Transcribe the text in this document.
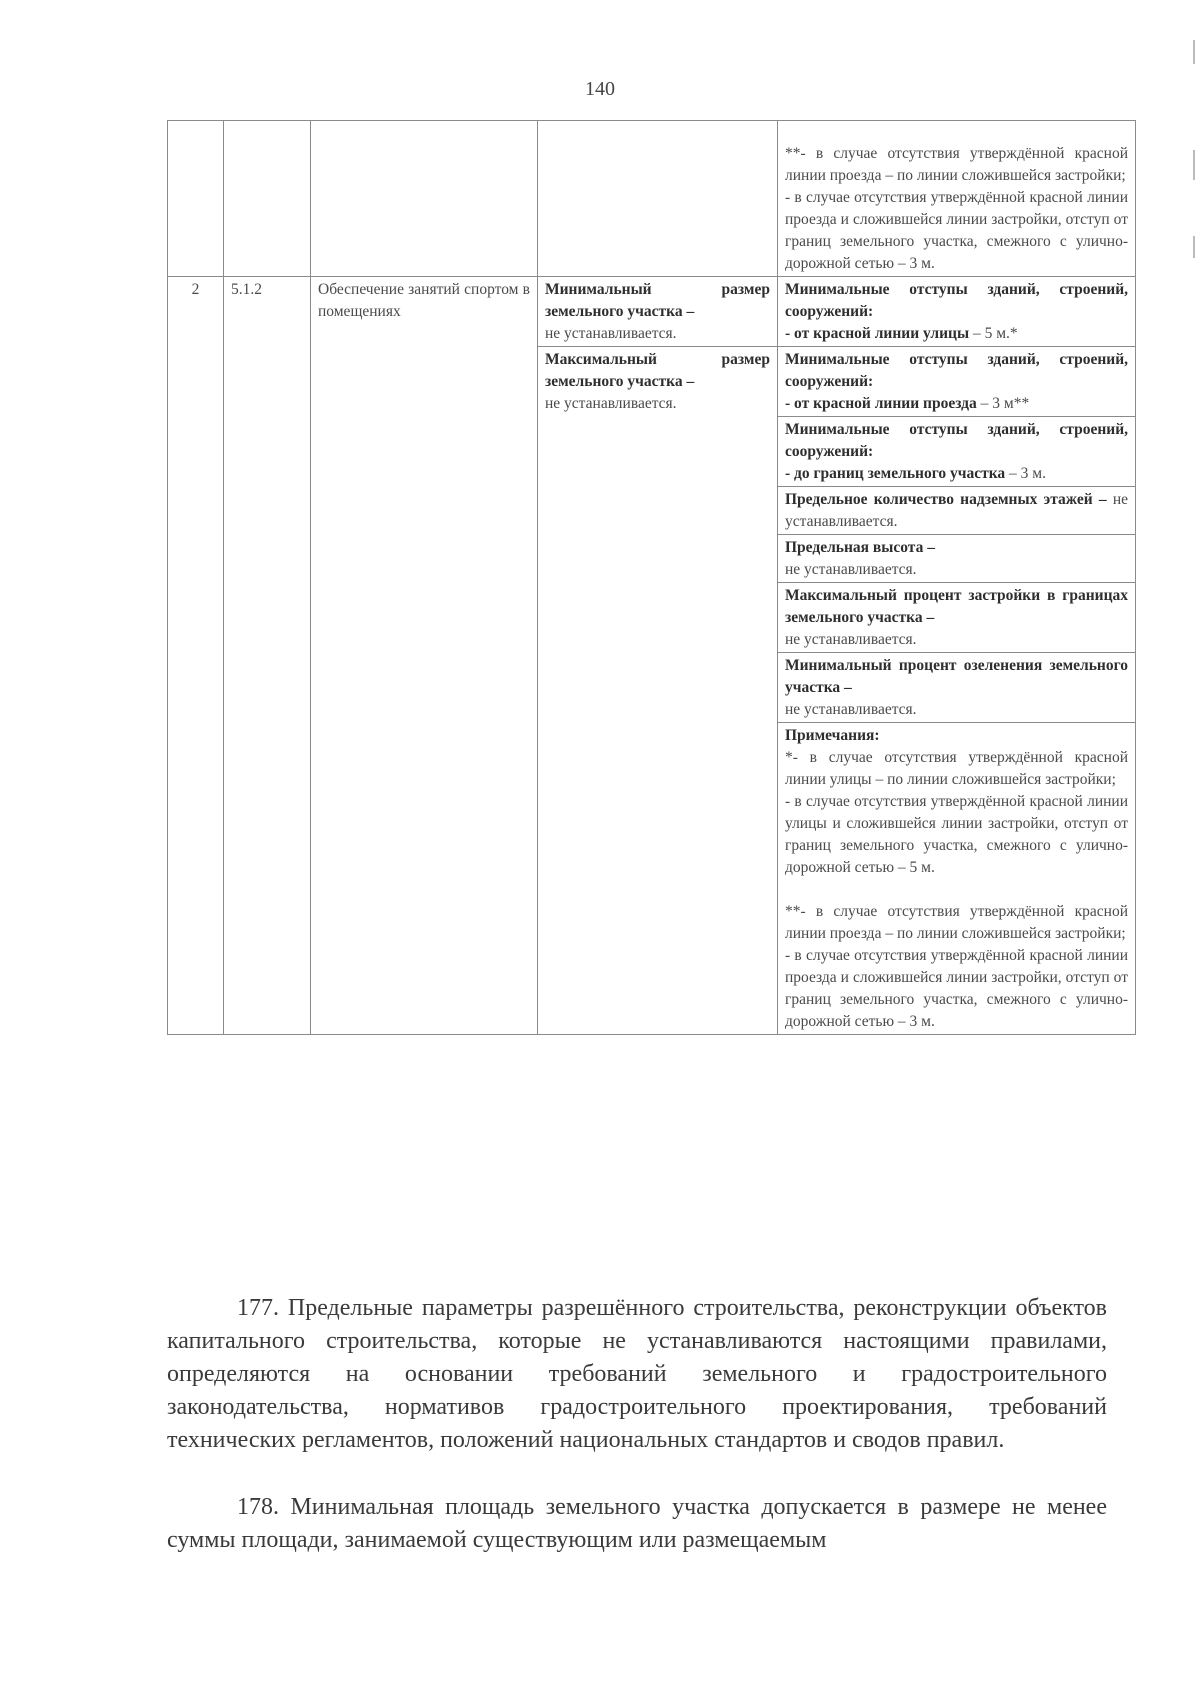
140

				**- в случае отсутствия утверждённой красной линии проезда – по линии сложившейся застройки;
- в случае отсутствия утверждённой красной линии проезда и сложившейся линии застройки, отступ от границ земельного участка, смежного с улично-дорожной сетью – 3 м.

2	5.1.2	Обеспечение занятий спортом в помещениях	Минимальный размер земельного участка –
не устанавливается.	Минимальные отступы зданий, строений, сооружений:
- от красной линии улицы – 5 м.*
			Максимальный размер земельного участка –
не устанавливается.	Минимальные отступы зданий, строений, сооружений:
- от красной линии проезда – 3 м**

				Минимальные отступы зданий, строений, сооружений:
- до границ земельного участка – 3 м.
				Предельное количество надземных этажей – не устанавливается.

				Предельная высота –
не устанавливается.
				Максимальный процент застройки в границах земельного участка –
не устанавливается.

				Минимальный процент озеленения земельного участка –
не устанавливается.

				Примечания:
*- в случае отсутствия утверждённой красной линии улицы – по линии сложившейся застройки;
- в случае отсутствия утверждённой красной линии улицы и сложившейся линии застройки, отступ от границ земельного участка, смежного с улично-дорожной сетью – 5 м.
**- в случае отсутствия утверждённой красной линии проезда – по линии сложившейся застройки;
- в случае отсутствия утверждённой красной линии проезда и сложившейся линии застройки, отступ от границ земельного участка, смежного с улично-дорожной сетью – 3 м.

177. Предельные параметры разрешённого строительства, реконструкции объектов капитального строительства, которые не устанавливаются настоящими правилами, определяются на основании требований земельного и градостроительного законодательства, нормативов градостроительного проектирования, требований технических регламентов, положений национальных стандартов и сводов правил.

178. Минимальная площадь земельного участка допускается в размере не менее суммы площади, занимаемой существующим или размещаемым
